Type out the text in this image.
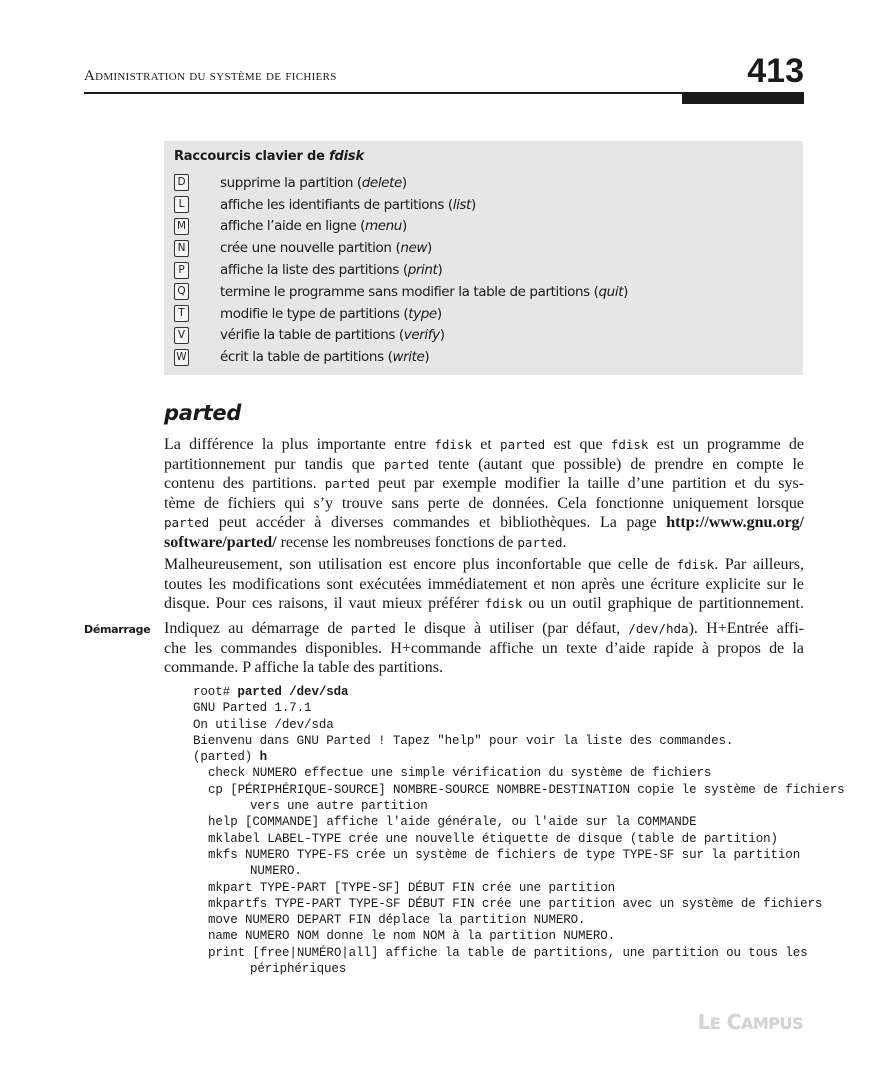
Administration du système de fichiers	413
Raccourcis clavier de fdisk
D	supprime la partition (delete)
L	affiche les identifiants de partitions (list)
M	affiche l’aide en ligne (menu)
N	crée une nouvelle partition (new)
P	affiche la liste des partitions (print)
Q	termine le programme sans modifier la table de partitions (quit)
T	modifie le type de partitions (type)
V	vérifie la table de partitions (verify)
W écrit la table de partitions (write)
parted
La différence la plus importante entre fdisk et parted est que fdisk est un programme de
partitionnement pur tandis que parted tente (autant que possible) de prendre en compte le
contenu des partitions. parted peut par exemple modifier la taille d’une partition et du sys-
tème de fichiers qui s’y trouve sans perte de données. Cela fonctionne uniquement lorsque
parted peut accéder à diverses commandes et bibliothèques. La page http://www.gnu.org/
software/parted/ recense les nombreuses fonctions de parted.
Malheureusement, son utilisation est encore plus inconfortable que celle de fdisk. Par ailleurs,
toutes les modifications sont exécutées immédiatement et non après une écriture explicite sur le
disque. Pour ces raisons, il vaut mieux préférer fdisk ou un outil graphique de partitionnement.
Démarrage Indiquez au démarrage de parted le disque à utiliser (par défaut, /dev/hda). H+Entrée affi-
che les commandes disponibles. H+commande affiche un texte d’aide rapide à propos de la
commande. P affiche la table des partitions.
root# parted /dev/sda
GNU Parted 1.7.1
On utilise /dev/sda
Bienvenu dans GNU Parted ! Tapez "help" pour voir la liste des commandes.
(parted) h
check NUMERO effectue une simple vérification du système de fichiers
cp [PÉRIPHÉRIQUE-SOURCE] NOMBRE-SOURCE NOMBRE-DESTINATION copie le système de fichiers
vers une autre partition
help [COMMANDE] affiche l'aide générale, ou l'aide sur la COMMANDE
mklabel LABEL-TYPE crée une nouvelle étiquette de disque (table de partition)
mkfs NUMERO TYPE-FS crée un système de fichiers de type TYPE-SF sur la partition
NUMERO.
mkpart TYPE-PART [TYPE-SF] DÉBUT FIN crée une partition
mkpartfs TYPE-PART TYPE-SF DÉBUT FIN crée une partition avec un système de fichiers
move NUMERO DEPART FIN déplace la partition NUMERO.
name NUMERO NOM donne le nom NOM à la partition NUMERO.
print [free|NUMÉRO|all] affiche la table de partitions, une partition ou tous les
périphériques
LE CAMPUS
